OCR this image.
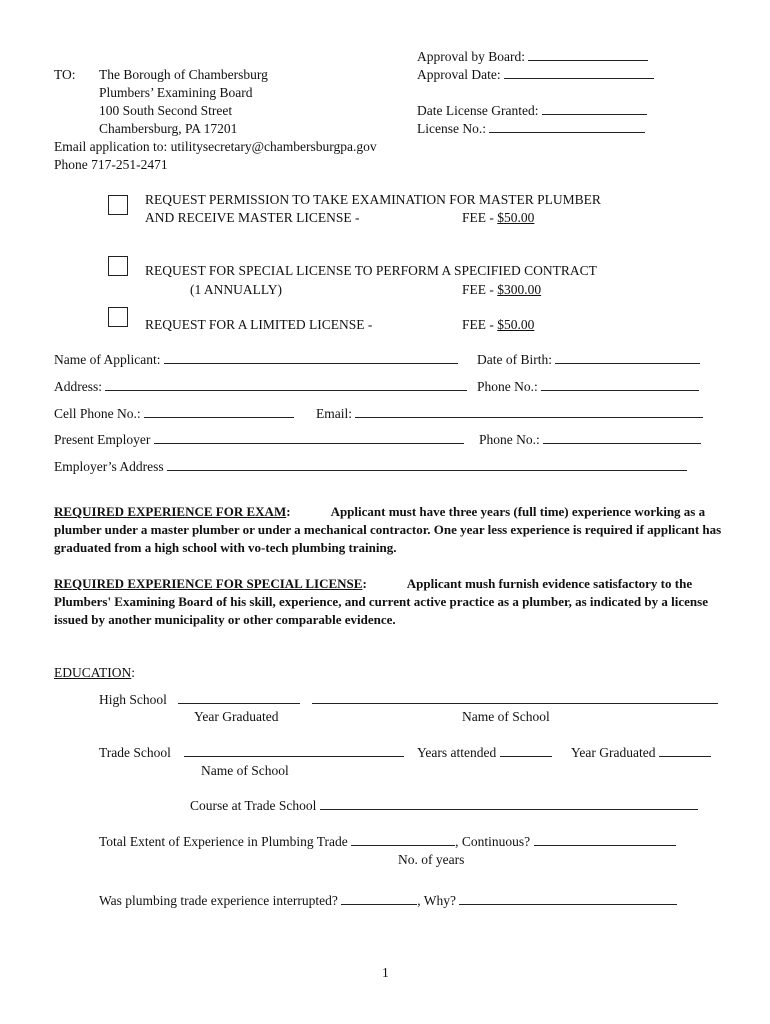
Approval by Board:
Approval Date:
Date License Granted:
License No.:
TO: The Borough of Chambersburg
Plumbers’ Examining Board
100 South Second Street
Chambersburg, PA 17201
Email application to: utilitysecretary@chambersburgpa.gov
Phone 717-251-2471
REQUEST PERMISSION TO TAKE EXAMINATION FOR MASTER PLUMBER
AND RECEIVE MASTER LICENSE -	FEE - $50.00
REQUEST FOR SPECIAL LICENSE TO PERFORM A SPECIFIED CONTRACT
(1 ANNUALLY)	FEE - $300.00
REQUEST FOR A LIMITED LICENSE -	FEE - $50.00
Name of Applicant:	Date of Birth:
Address:	Phone No.:
Cell Phone No.:	Email:
Present Employer	Phone No.:
Employer’s Address
REQUIRED EXPERIENCE FOR EXAM:	Applicant must have three years (full time) experience working as a plumber under a master plumber or under a mechanical contractor. One year less experience is required if applicant has graduated from a high school with vo-tech plumbing training.
REQUIRED EXPERIENCE FOR SPECIAL LICENSE:	Applicant mush furnish evidence satisfactory to the Plumbers' Examining Board of his skill, experience, and current active practice as a plumber, as indicated by a license issued by another municipality or other comparable evidence.
EDUCATION:
High School
Year Graduated	Name of School
Trade School	Years attended	Year Graduated
Name of School
Course at Trade School
Total Extent of Experience in Plumbing Trade	, Continuous?
No. of years
Was plumbing trade experience interrupted?	, Why?
1
